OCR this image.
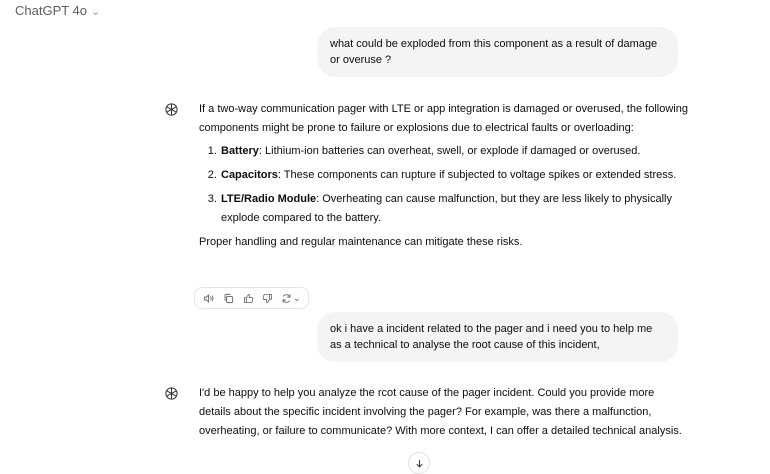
ChatGPT 4o ⌄
what could be exploded from this component as a result of damage or overuse ?

If a two-way communication pager with LTE or app integration is damaged or overused, the following components might be prone to failure or explosions due to electrical faults or overloading:

1. Battery: Lithium-ion batteries can overheat, swell, or explode if damaged or overused.
2. Capacitors: These components can rupture if subjected to voltage spikes or extended stress.
3. LTE/Radio Module: Overheating can cause malfunction, but they are less likely to physically explode compared to the battery.

Proper handling and regular maintenance can mitigate these risks.

⌄
ok i have a incident related to the pager and i need you to help me as a technical to analyse the root cause of this incident,

I'd be happy to help you analyze the rcot cause of the pager incident. Could you provide more details about the specific incident involving the pager? For example, was there a malfunction, overheating, or failure to communicate? With more context, I can offer a detailed technical analysis.
